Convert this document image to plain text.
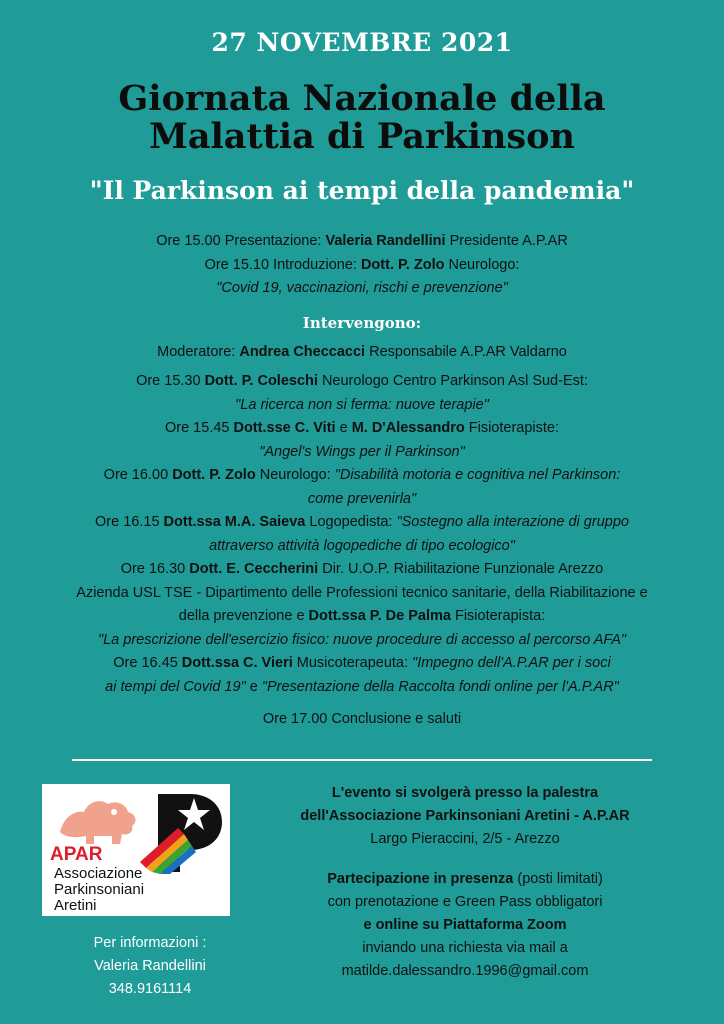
27 NOVEMBRE 2021
Giornata Nazionale della
Malattia di Parkinson
"Il Parkinson ai tempi della pandemia"
Ore 15.00 Presentazione: Valeria Randellini Presidente A.P.AR
Ore 15.10 Introduzione: Dott. P. Zolo Neurologo:
"Covid 19, vaccinazioni, rischi e prevenzione"
Intervengono:
Moderatore: Andrea Checcacci Responsabile A.P.AR Valdarno
Ore 15.30 Dott. P. Coleschi Neurologo Centro Parkinson Asl Sud-Est:
"La ricerca non si ferma: nuove terapie"
Ore 15.45 Dott.sse C. Viti e M. D'Alessandro Fisioterapiste:
"Angel's Wings per il Parkinson"
Ore 16.00 Dott. P. Zolo Neurologo: "Disabilità motoria e cognitiva nel Parkinson:
come prevenirla"
Ore 16.15 Dott.ssa M.A. Saieva Logopedista: "Sostegno alla interazione di gruppo
attraverso attività logopediche di tipo ecologico"
Ore 16.30 Dott. E. Ceccherini Dir. U.O.P. Riabilitazione Funzionale Arezzo
Azienda USL TSE - Dipartimento delle Professioni tecnico sanitarie, della Riabilitazione e
della prevenzione e Dott.ssa P. De Palma Fisioterapista:
"La prescrizione dell'esercizio fisico: nuove procedure di accesso al percorso AFA"
Ore 16.45 Dott.ssa C. Vieri Musicoterapeuta: "Impegno dell'A.P.AR per i soci
ai tempi del Covid 19" e "Presentazione della Raccolta fondi online per l'A.P.AR"
Ore 17.00 Conclusione e saluti
APAR
Associazione
Parkinsoniani
Aretini
Per informazioni :
Valeria Randellini
348.9161114
L'evento si svolgerà presso la palestra
dell'Associazione Parkinsoniani Aretini - A.P.AR
Largo Pieraccini, 2/5 - Arezzo
Partecipazione in presenza (posti limitati)
con prenotazione e Green Pass obbligatori
e online su Piattaforma Zoom
inviando una richiesta via mail a
matilde.dalessandro.1996@gmail.com
